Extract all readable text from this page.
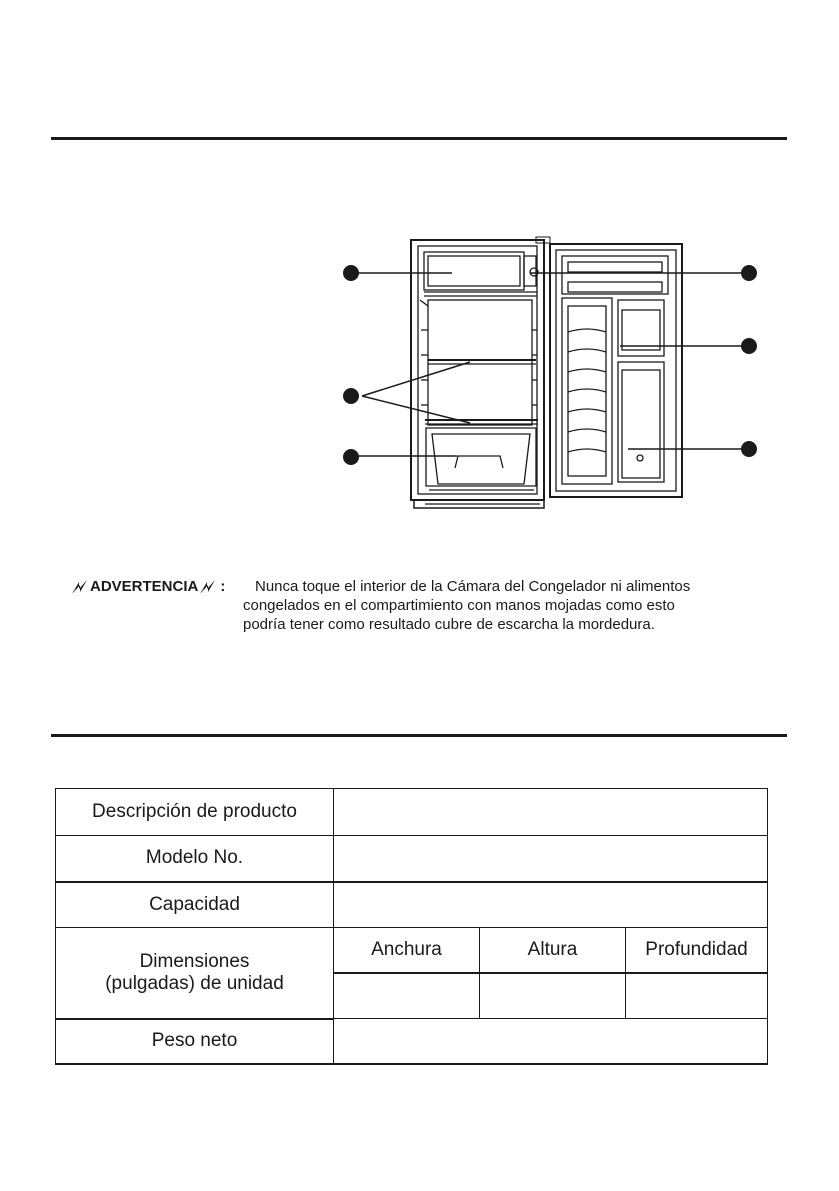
ADVERTENCIA : Nunca toque el interior de la Cámara del Congelador ni alimentos
congelados en el compartimiento con manos mojadas como esto
podría tener como resultado cubre de escarcha la mordedura.
Descripción de producto			
Modelo No.			
Capacidad			

Dimensiones
(pulgadas) de unidad	Anchura	Altura	Profundidad

Peso neto			
